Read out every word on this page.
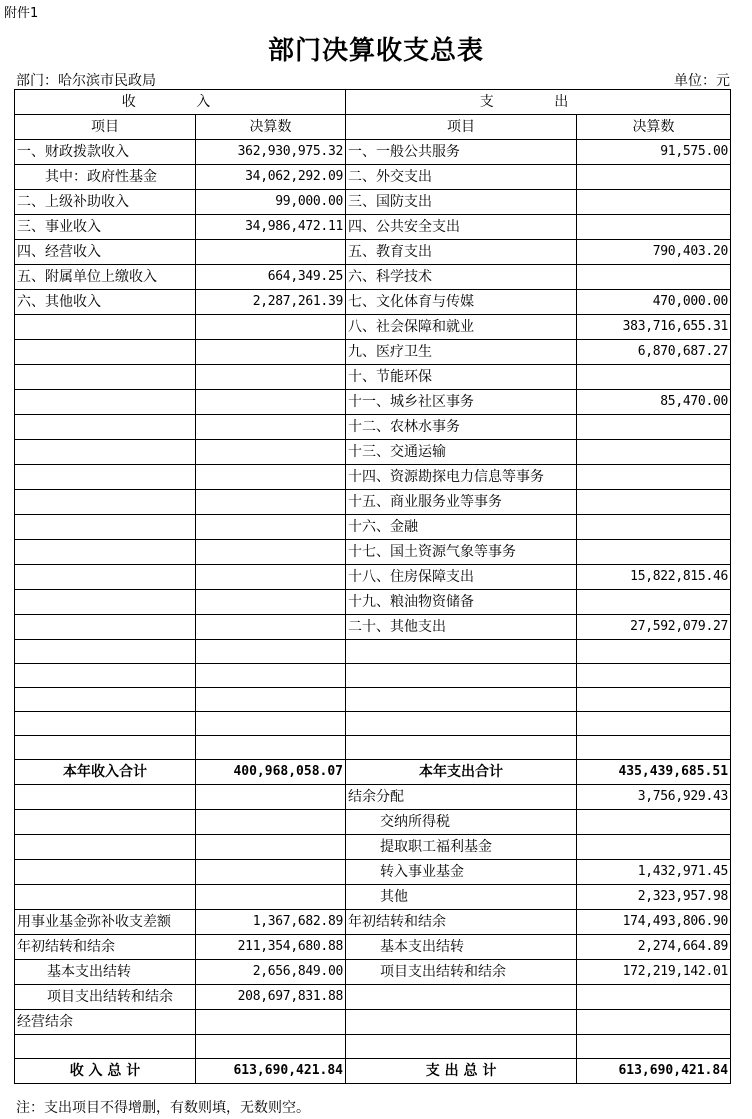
附件1
部门决算收支总表
部门：哈尔滨市民政局	单位：元
收 入		支 出	
项目	决算数	项目	决算数
一、财政拨款收入	362,930,975.32	一、一般公共服务	91,575.00
其中：政府性基金	34,062,292.09	二、外交支出	
二、上级补助收入	99,000.00	三、国防支出	
三、事业收入	34,986,472.11	四、公共安全支出	
四、经营收入		五、教育支出	790,403.20
五、附属单位上缴收入	664,349.25	六、科学技术	
六、其他收入	2,287,261.39	七、文化体育与传媒	470,000.00
		八、社会保障和就业	383,716,655.31
		九、医疗卫生	6,870,687.27
		十、节能环保	
		十一、城乡社区事务	85,470.00
		十二、农林水事务	
		十三、交通运输	
		十四、资源勘探电力信息等事务	
		十五、商业服务业等事务	
		十六、金融	
		十七、国土资源气象等事务	
		十八、住房保障支出	15,822,815.46
		十九、粮油物资储备	
		二十、其他支出	27,592,079.27

本年收入合计	400,968,058.07	本年支出合计	435,439,685.51
		结余分配	3,756,929.43
		交纳所得税	
		提取职工福利基金	
		转入事业基金	1,432,971.45
		其他	2,323,957.98
用事业基金弥补收支差额	1,367,682.89	年初结转和结余	174,493,806.90
年初结转和结余	211,354,680.88	基本支出结转	2,274,664.89
基本支出结转	2,656,849.00	项目支出结转和结余	172,219,142.01
项目支出结转和结余	208,697,831.88		
经营结余			

收 入 总 计	613,690,421.84	支 出 总 计	613,690,421.84
注：支出项目不得增删，有数则填，无数则空。
